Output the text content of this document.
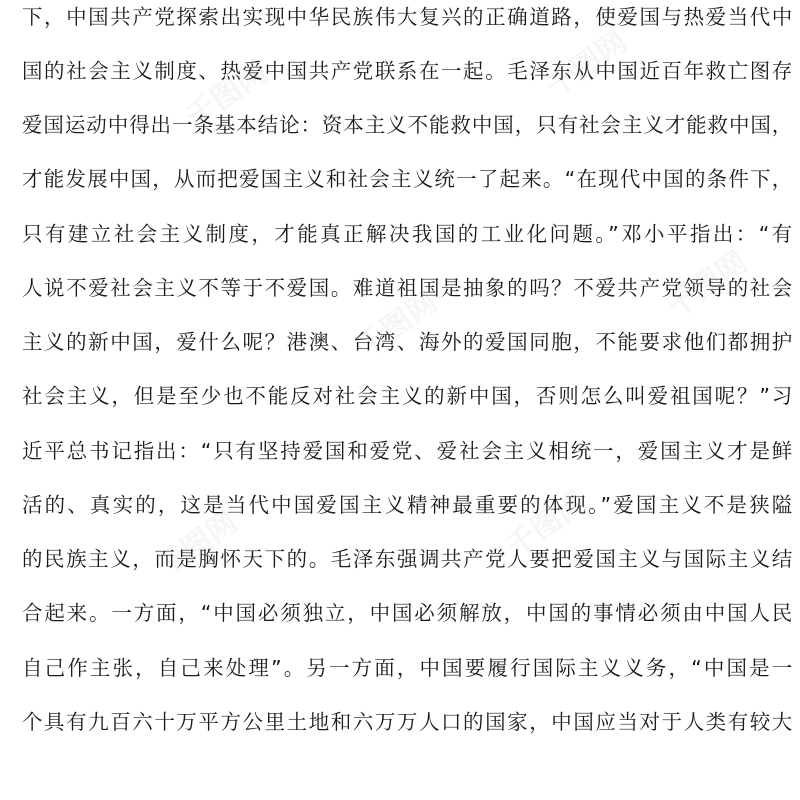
下，中国共产党探索出实现中华民族伟大复兴的正确道路，使爱国与热爱当代中
国的社会主义制度、热爱中国共产党联系在一起。毛泽东从中国近百年救亡图存
爱国运动中得出一条基本结论：资本主义不能救中国，只有社会主义才能救中国，
才能发展中国，从而把爱国主义和社会主义统一了起来。“在现代中国的条件下，
只有建立社会主义制度，才能真正解决我国的工业化问题。”邓小平指出：“有
人说不爱社会主义不等于不爱国。难道祖国是抽象的吗？不爱共产党领导的社会
主义的新中国，爱什么呢？港澳、台湾、海外的爱国同胞，不能要求他们都拥护
社会主义，但是至少也不能反对社会主义的新中国，否则怎么叫爱祖国呢？”习
近平总书记指出：“只有坚持爱国和爱党、爱社会主义相统一，爱国主义才是鲜
活的、真实的，这是当代中国爱国主义精神最重要的体现。”爱国主义不是狭隘
的民族主义，而是胸怀天下的。毛泽东强调共产党人要把爱国主义与国际主义结
合起来。一方面，“中国必须独立，中国必须解放，中国的事情必须由中国人民
自己作主张，自己来处理”。另一方面，中国要履行国际主义义务，“中国是一
个具有九百六十万平方公里土地和六万万人口的国家，中国应当对于人类有较大
千图网	千图网
千图网	千图网
千图网	千图网
